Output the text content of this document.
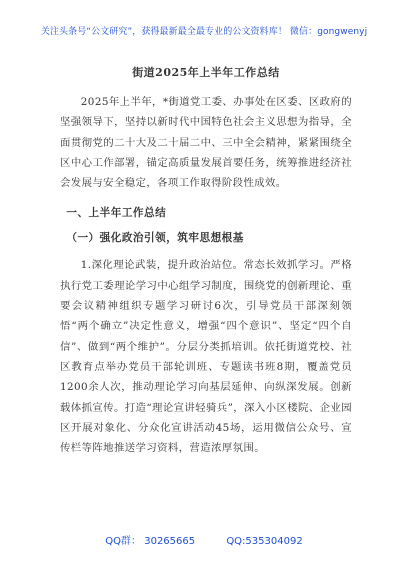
关注头条号“公文研究”，获得最新最全最专业的公文资料库！ 微信：gongwenyj
街道2025年上半年工作总结

2025年上半年，*街道党工委、办事处在区委、区政府的坚强领导下，坚持以新时代中国特色社会主义思想为指导，全面贯彻党的二十大及二十届二中、三中全会精神，紧紧围绕全区中心工作部署，锚定高质量发展首要任务，统筹推进经济社会发展与安全稳定，各项工作取得阶段性成效。

一、上半年工作总结
（一）强化政治引领，筑牢思想根基

1.深化理论武装，提升政治站位。常态长效抓学习。严格执行党工委理论学习中心组学习制度，围绕党的创新理论、重要会议精神组织专题学习研讨6次，引导党员干部深刻领悟“两个确立”决定性意义，增强“四个意识”、坚定“四个自信”、做到“两个维护”。分层分类抓培训。依托街道党校、社区教育点举办党员干部轮训班、专题读书班8期，覆盖党员1200余人次，推动理论学习向基层延伸、向纵深发展。创新载体抓宣传。打造“理论宣讲轻骑兵”，深入小区楼院、企业园区开展对象化、分众化宣讲活动45场，运用微信公众号、宣传栏等阵地推送学习资料，营造浓厚氛围。

QQ群： 30265665	QQ:535304092
